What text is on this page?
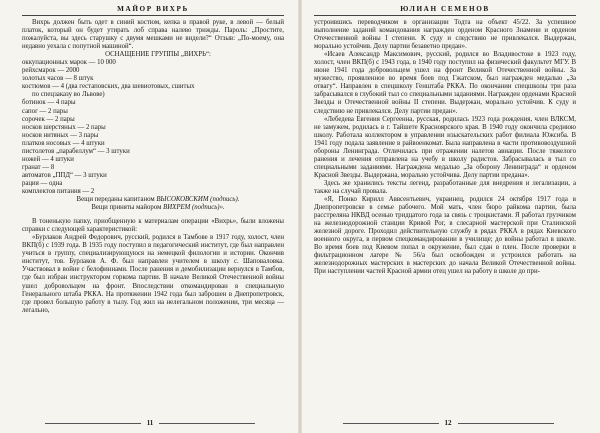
МАЙОР ВИХРЬ

Вихрь должен быть одет в синий костюм, кепка в правой руке, в левой — белый платок, который он будет утирать лоб справа налево трижды. Пароль: „Простите, пожалуйста, вы здесь старушку с двумя мешками не видели?“ Отзыв: „По-моему, она недавно уехала с попутной машиной“.

ОСНАЩЕНИЕ ГРУППЫ „ВИХРЬ“:

оккупационных марок — 10 000
рейхсмарок — 2000
золотых часов — 8 штук
костюмов — 4 (два гестаповских, два шевиотовых, сшитых
по спецзаказу во Львове)
ботинок — 4 пары
сапог — 2 пары
сорочек — 2 пары
носков шерстяных — 2 пары
носков нитяных — 3 пары
платков носовых — 4 штуки
пистолетов „парабеллум“ — 3 штуки
ножей — 4 штуки
гранат — 8
автоматов „ППД“ — 3 штуки
рация — одна
комплектов питания — 2

Вещи переданы капитаном ВЫСОКОВСКИМ (подпись).

Вещи приняты майором ВИХРЕМ (подпись)».

В тоненькую папку, приобщенную к материалам операции «Вихрь», были вложены справки с следующей характеристикой:

«Бурлаков Андрей Федорович, русский, родился в Тамбове в 1917 году, холост, член ВКП(б) с 1939 года. В 1935 году поступил в педагогический институт, где был направлен учиться в группу, специализирующуюся на немецкой филологии и истории. Окончив институт, тов. Бурлаков А. Ф. был направлен учителем в школу с. Шаповаловка. Участвовал в войне с белофиннами. После ранения и демобилизации вернулся в Тамбов, где был избран инструктором горкома партии. В начале Великой Отечественной войны ушел добровольцем на фронт. Впоследствии откомандирован в специальную Генерального штаба РККА. На протяжении 1942 года был заброшен в Днепропетровск, где провел большую работу в тылу. Год жил на нелегальном положении, три месяца — легально,

11
ЮЛИАН СЕМЕНОВ

устроившись переводчиком в организации Тодта на объект 45/22. За успешное выполнение заданий командования награжден орденом Красного Знамени и орденом Отечественной войны I степени. К суду и следствию не привлекался. Выдержан, морально устойчив. Делу партии безаветно предан».

«Исаев Александр Максимович, русский, родился во Владивостоке в 1923 году, холост, член ВКП(б) с 1943 года, в 1940 году поступил на физический факультет МГУ. В июне 1941 года добровольцем ушел на фронт Великой Отечественной войны. За мужество, проявленное во время боев под Гжатском, был награжден медалью „За отвагу“. Направлен в спецшколу Генштаба РККА. По окончании спецшколы три раза забрасывался в глубокий тыл со специальными заданиями. Награжден орденами Красной Звезды и Отечественной войны II степени. Выдержан, морально устойчив. К суду и следствию не привлекался. Делу партии предан».

«Лебедева Евгения Сергеенна, русская, родилась 1923 года рождения, член ВЛКСМ, не замужем, родилась в г. Тайшете Красноярского края. В 1940 году окончила среднюю школу. Работала коллектором в управлении изыскательских работ филиала Южсиба. В 1941 году подала заявление в райвоенкомат. Была направлена в части противовоздушной обороны Ленинграда. Отличилась при отражении налетов авиации. После тяжелого ранения и лечения отправлена на учебу в школу радистов. Забрасывалась в тыл со специальными заданиями. Награждена медалью „За оборону Ленинграда“ и орденом Красной Звезды. Выдержана, морально устойчива. Делу партии предана».

Здесь же хранились тексты легенд, разработанные для внедрения и легализации, а также на случай провала.

«Я, Понко Кирилл Аввсентьевич, украинец, родился 24 октября 1917 года в Днепропетровске в семье рабочего. Мой мать, член бюро райкома партии, была расстреляна НКВД осенью тридцатого года за связь с троцкистами. Я работал грузчиком на железнодорожной станции Кривой Рог, в слесарной мастерской при Сталинской железной дороге. Проходил действительную службу в рядах РККА в рядах Киевского военного округа, в первом спецкомандировании в училище; до войны работал в школе. Во время боев под Киевом попал в окружение, был сдан в плен. После проверки в фильтрационном лагере № 56/а был освобожден и устроился работать на железнодорожных мастерских в мастерских до начала Великой Отечественной войны. При наступлении частей Красной армии отец ушел на работу в школе до при-

12
